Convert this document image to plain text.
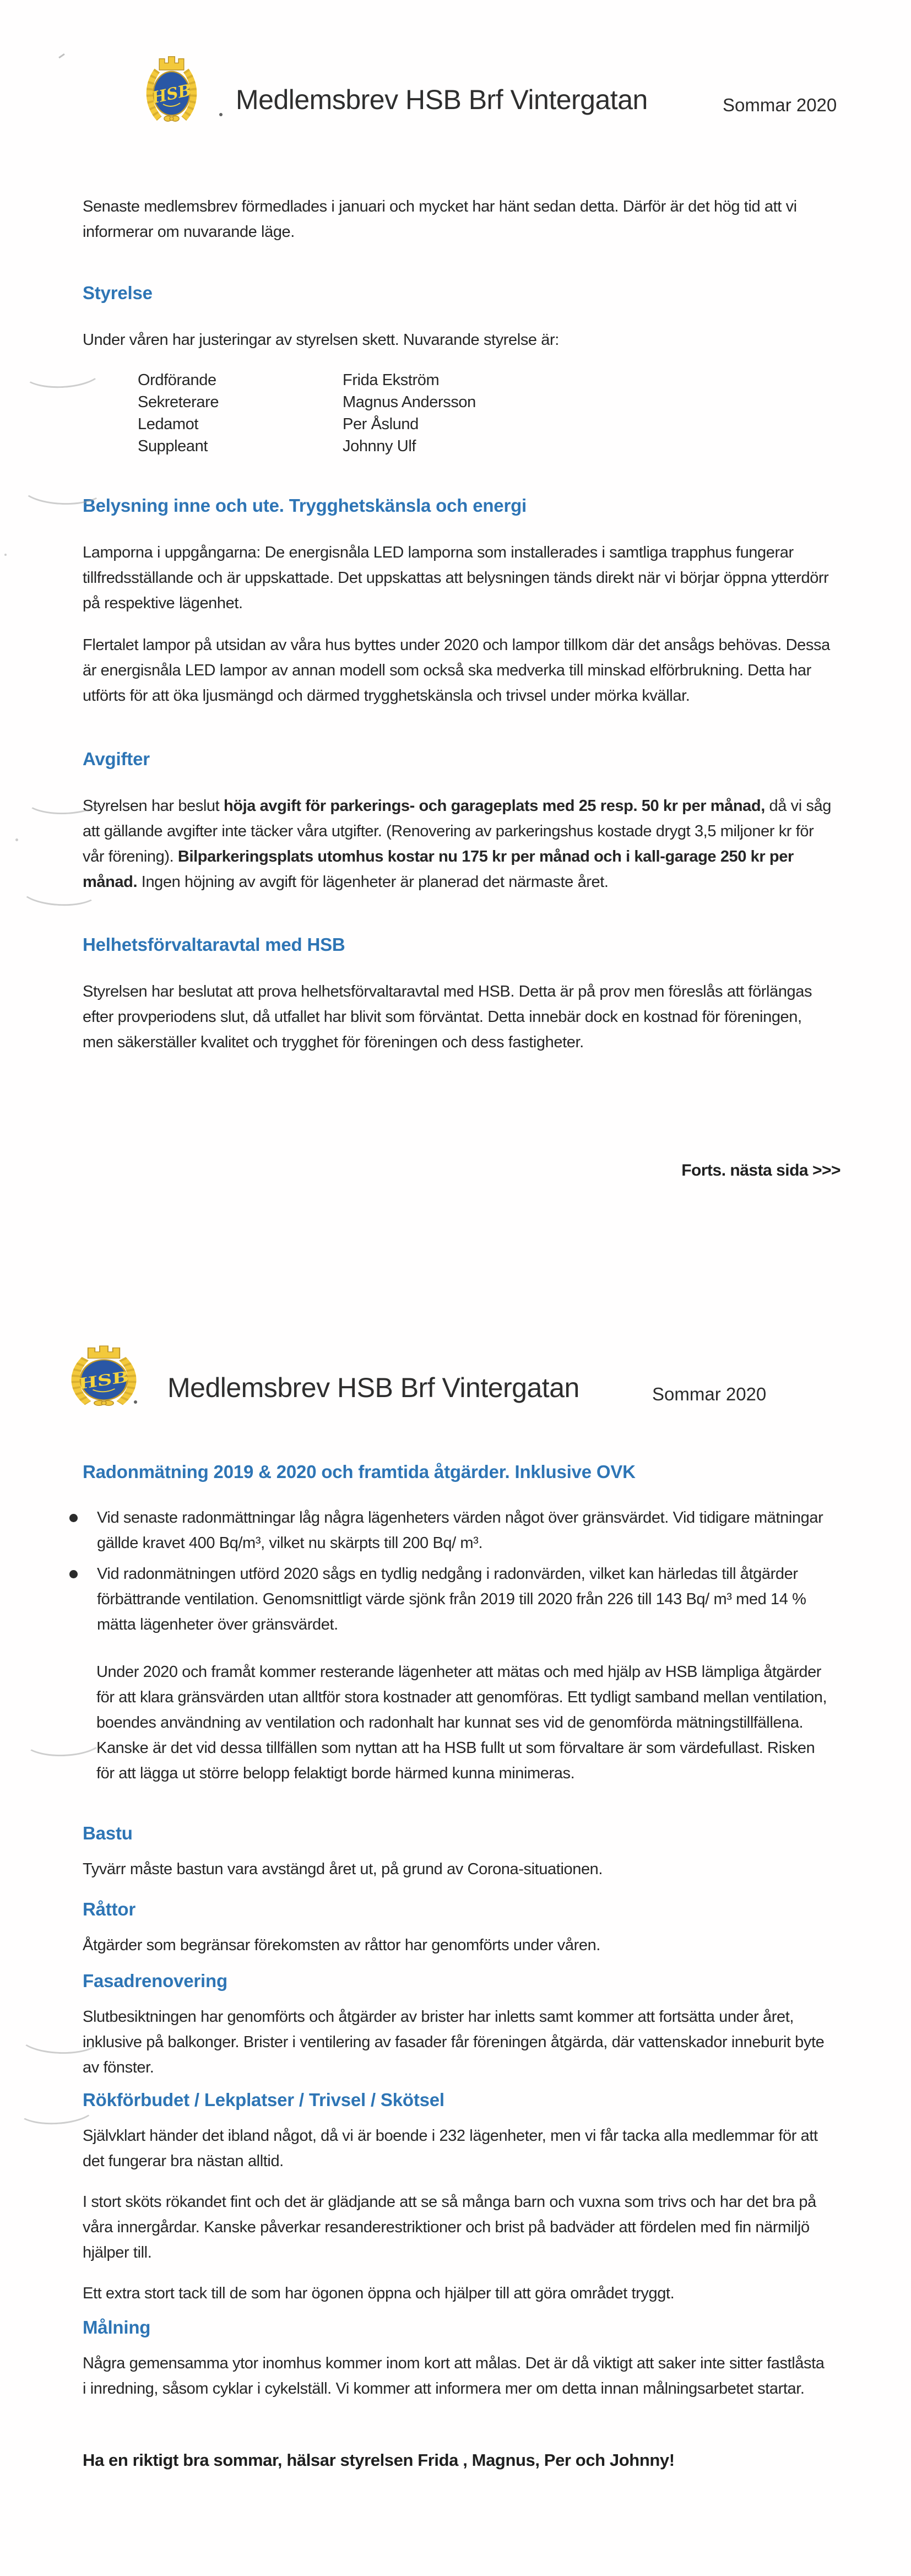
HSB Medlemsbrev HSB Brf Vintergatan	Sommar 2020

Senaste medlemsbrev förmedlades i januari och mycket har hänt sedan detta. Därför är det hög tid att vi informerar om nuvarande läge.

Styrelse

Under våren har justeringar av styrelsen skett. Nuvarande styrelse är:

Ordförande	Frida Ekström
Sekreterare	Magnus Andersson
Ledamot	Per Åslund
Suppleant	Johnny Ulf
Belysning inne och ute. Trygghetskänsla och energi

Lamporna i uppgångarna: De energisnåla LED lamporna som installerades i samtliga trapphus fungerar tillfredsställande och är uppskattade. Det uppskattas att belysningen tänds direkt när vi börjar öppna ytterdörr på respektive lägenhet.

Flertalet lampor på utsidan av våra hus byttes under 2020 och lampor tillkom där det ansågs behövas. Dessa är energisnåla LED lampor av annan modell som också ska medverka till minskad elförbrukning. Detta har utförts för att öka ljusmängd och därmed trygghetskänsla och trivsel under mörka kvällar.

Avgifter

Styrelsen har beslut höja avgift för parkerings- och garageplats med 25 resp. 50 kr per månad, då vi såg att gällande avgifter inte täcker våra utgifter. (Renovering av parkeringshus kostade drygt 3,5 miljoner kr för vår förening). Bilparkeringsplats utomhus kostar nu 175 kr per månad och i kall-garage 250 kr per månad. Ingen höjning av avgift för lägenheter är planerad det närmaste året.

Helhetsförvaltaravtal med HSB

Styrelsen har beslutat att prova helhetsförvaltaravtal med HSB. Detta är på prov men föreslås att förlängas efter provperiodens slut, då utfallet har blivit som förväntat. Detta innebär dock en kostnad för föreningen, men säkerställer kvalitet och trygghet för föreningen och dess fastigheter.

Forts. nästa sida >>>
HSB Medlemsbrev HSB Brf Vintergatan	Sommar 2020
Radonmätning 2019 & 2020 och framtida åtgärder. Inklusive OVK
Vid senaste radonmättningar låg några lägenheters värden något över gränsvärdet. Vid tidigare mätningar gällde kravet 400 Bq/m³, vilket nu skärpts till 200 Bq/ m³.
Vid radonmätningen utförd 2020 sågs en tydlig nedgång i radonvärden, vilket kan härledas till åtgärder förbättrande ventilation. Genomsnittligt värde sjönk från 2019 till 2020 från 226 till 143 Bq/ m³ med 14 % mätta lägenheter över gränsvärdet.

Under 2020 och framåt kommer resterande lägenheter att mätas och med hjälp av HSB lämpliga åtgärder för att klara gränsvärden utan alltför stora kostnader att genomföras. Ett tydligt samband mellan ventilation, boendes användning av ventilation och radonhalt har kunnat ses vid de genomförda mätningstillfällena. Kanske är det vid dessa tillfällen som nyttan att ha HSB fullt ut som förvaltare är som värdefullast. Risken för att lägga ut större belopp felaktigt borde härmed kunna minimeras.

Bastu

Tyvärr måste bastun vara avstängd året ut, på grund av Corona-situationen.

Råttor

Åtgärder som begränsar förekomsten av råttor har genomförts under våren.

Fasadrenovering

Slutbesiktningen har genomförts och åtgärder av brister har inletts samt kommer att fortsätta under året, inklusive på balkonger. Brister i ventilering av fasader får föreningen åtgärda, där vattenskador inneburit byte av fönster.

Rökförbudet / Lekplatser / Trivsel / Skötsel

Självklart händer det ibland något, då vi är boende i 232 lägenheter, men vi får tacka alla medlemmar för att det fungerar bra nästan alltid.

I stort sköts rökandet fint och det är glädjande att se så många barn och vuxna som trivs och har det bra på våra innergårdar. Kanske påverkar resanderestriktioner och brist på badväder att fördelen med fin närmiljö hjälper till.

Ett extra stort tack till de som har ögonen öppna och hjälper till att göra området tryggt.

Målning

Några gemensamma ytor inomhus kommer inom kort att målas. Det är då viktigt att saker inte sitter fastlåsta i inredning, såsom cyklar i cykelställ. Vi kommer att informera mer om detta innan målningsarbetet startar.

Ha en riktigt bra sommar, hälsar styrelsen Frida , Magnus, Per och Johnny!
